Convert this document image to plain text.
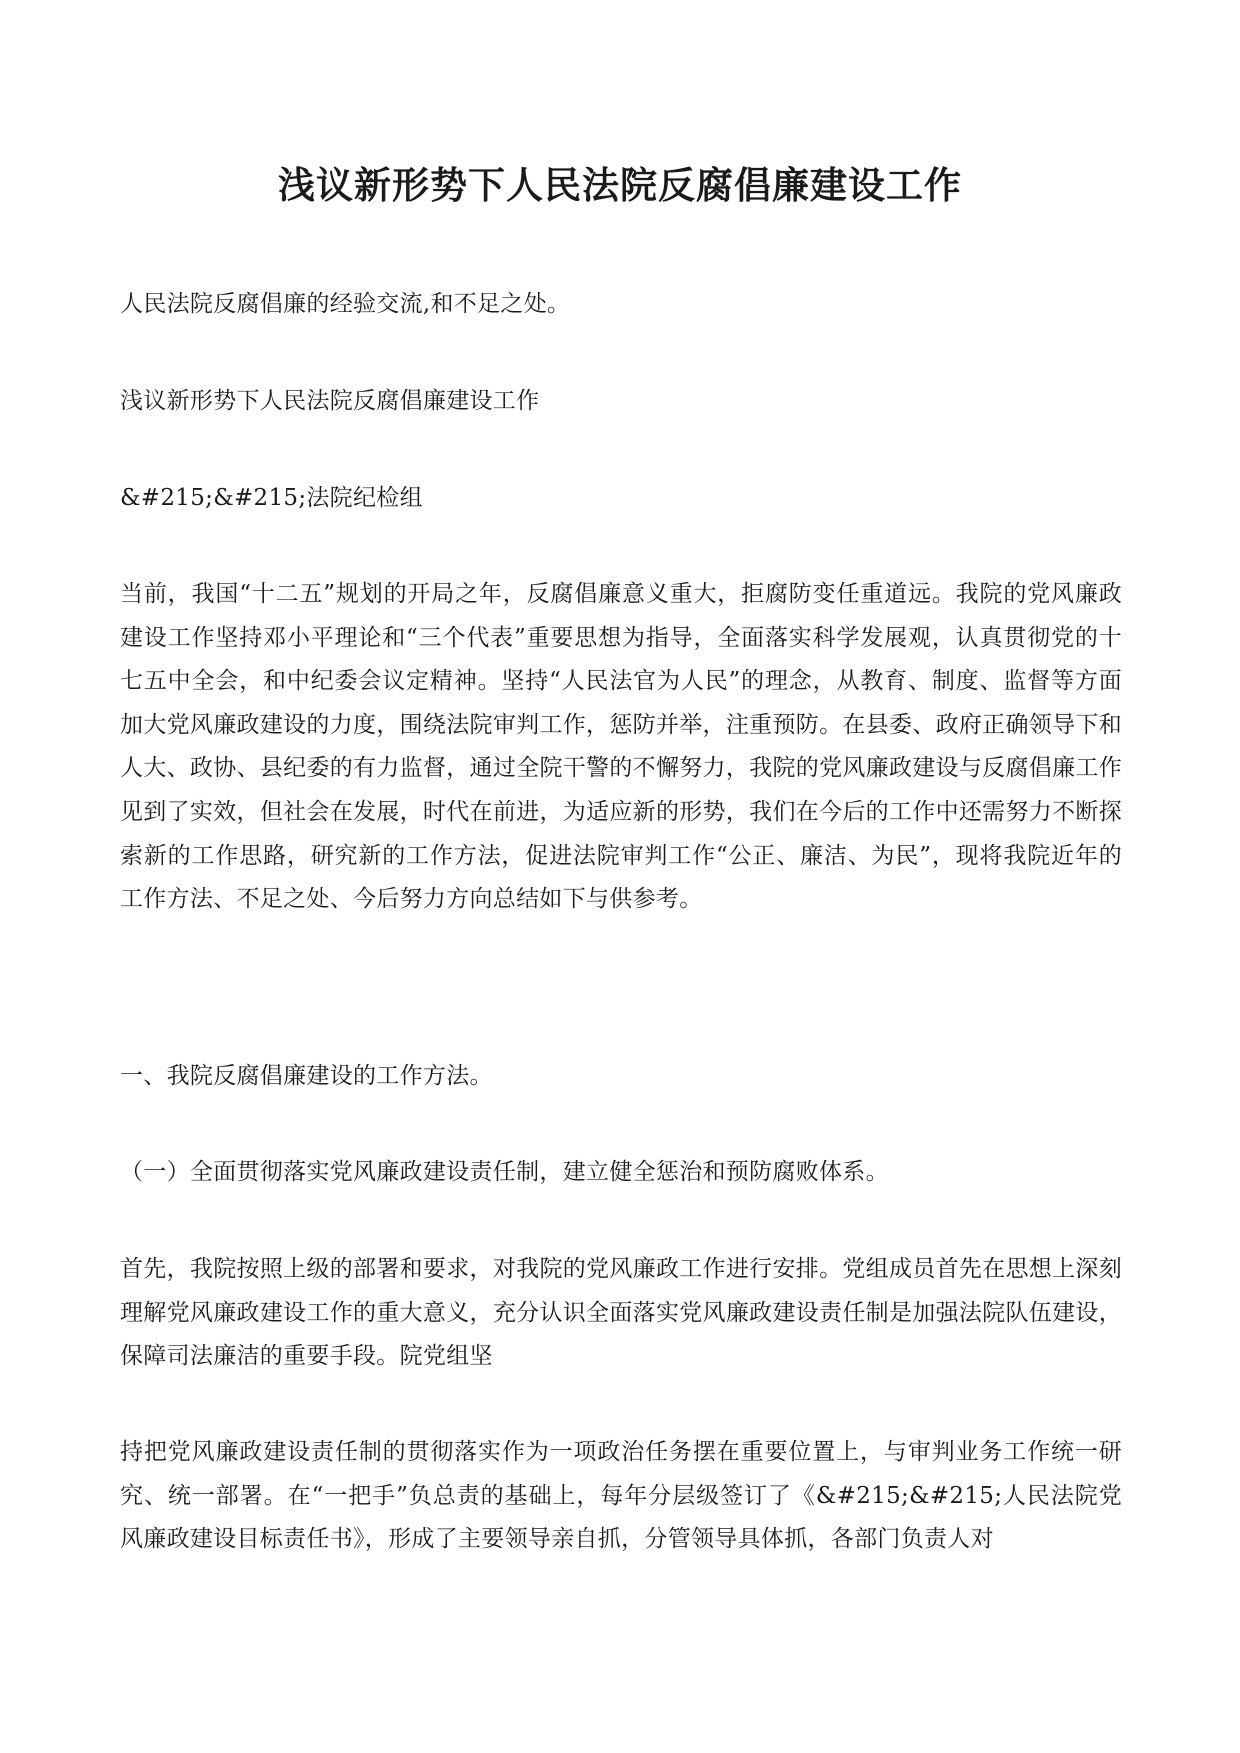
浅议新形势下人民法院反腐倡廉建设工作

人民法院反腐倡廉的经验交流,和不足之处。

浅议新形势下人民法院反腐倡廉建设工作

&#215;&#215;法院纪检组

当前，我国“十二五”规划的开局之年，反腐倡廉意义重大，拒腐防变任重道远。我院的党风廉政建设工作坚持邓小平理论和“三个代表”重要思想为指导，全面落实科学发展观，认真贯彻党的十七五中全会，和中纪委会议定精神。坚持“人民法官为人民”的理念，从教育、制度、监督等方面加大党风廉政建设的力度，围绕法院审判工作，惩防并举，注重预防。在县委、政府正确领导下和人大、政协、县纪委的有力监督，通过全院干警的不懈努力，我院的党风廉政建设与反腐倡廉工作见到了实效，但社会在发展，时代在前进，为适应新的形势，我们在今后的工作中还需努力不断探索新的工作思路，研究新的工作方法，促进法院审判工作“公正、廉洁、为民”，现将我院近年的工作方法、不足之处、今后努力方向总结如下与供参考。

一、我院反腐倡廉建设的工作方法。

（一）全面贯彻落实党风廉政建设责任制，建立健全惩治和预防腐败体系。

首先，我院按照上级的部署和要求，对我院的党风廉政工作进行安排。党组成员首先在思想上深刻理解党风廉政建设工作的重大意义，充分认识全面落实党风廉政建设责任制是加强法院队伍建设，保障司法廉洁的重要手段。院党组坚

持把党风廉政建设责任制的贯彻落实作为一项政治任务摆在重要位置上，与审判业务工作统一研究、统一部署。在“一把手”负总责的基础上，每年分层级签订了《&#215;&#215;人民法院党风廉政建设目标责任书》，形成了主要领导亲自抓，分管领导具体抓，各部门负责人对
